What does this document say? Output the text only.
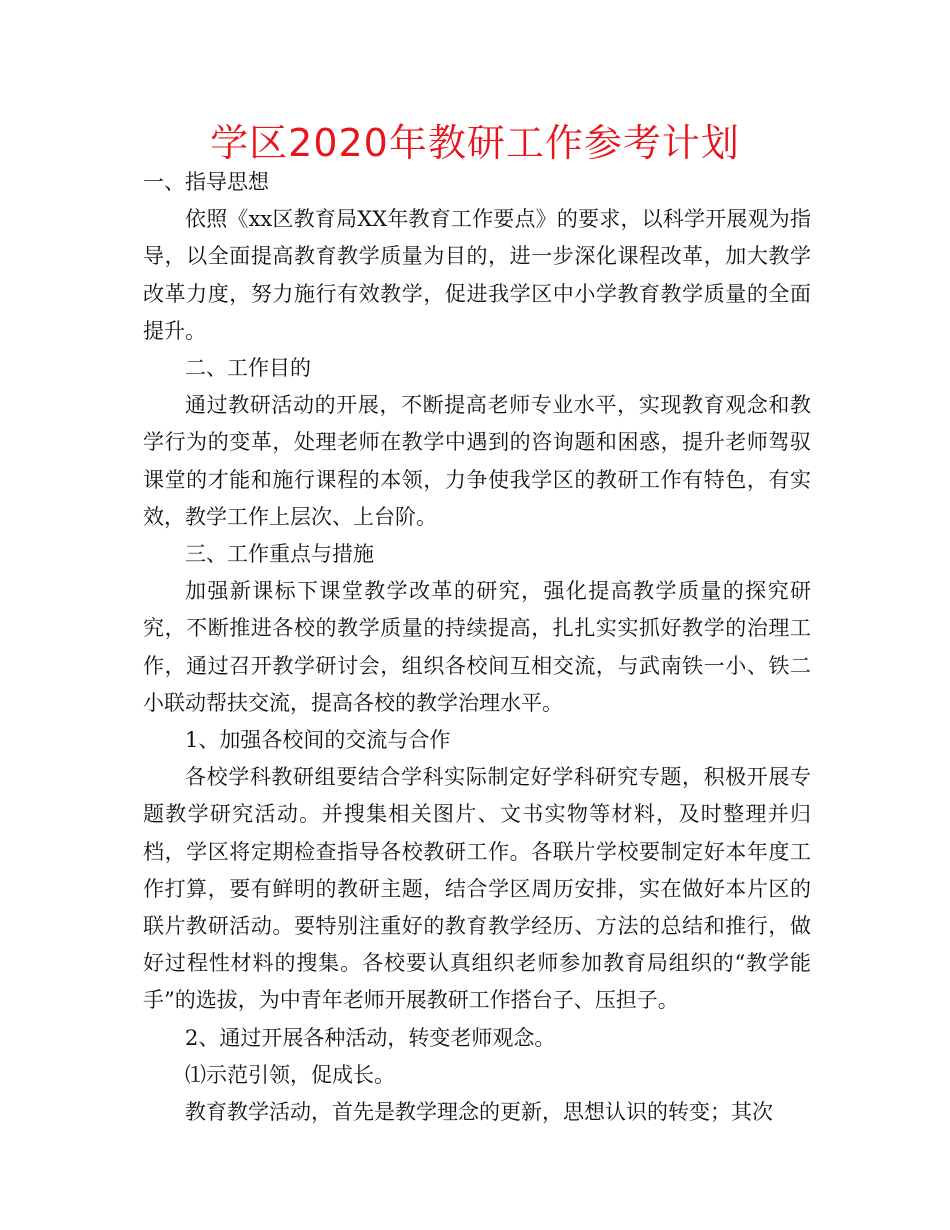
学区2020年教研工作参考计划

一、指导思想

依照《xx区教育局XX年教育工作要点》的要求，以科学开展观为指导，以全面提高教育教学质量为目的，进一步深化课程改革，加大教学改革力度，努力施行有效教学，促进我学区中小学教育教学质量的全面提升。

二、工作目的

通过教研活动的开展，不断提高老师专业水平，实现教育观念和教学行为的变革，处理老师在教学中遇到的咨询题和困惑，提升老师驾驭课堂的才能和施行课程的本领，力争使我学区的教研工作有特色，有实效，教学工作上层次、上台阶。

三、工作重点与措施

加强新课标下课堂教学改革的研究，强化提高教学质量的探究研究，不断推进各校的教学质量的持续提高，扎扎实实抓好教学的治理工作，通过召开教学研讨会，组织各校间互相交流，与武南铁一小、铁二小联动帮扶交流，提高各校的教学治理水平。

1、加强各校间的交流与合作

各校学科教研组要结合学科实际制定好学科研究专题，积极开展专题教学研究活动。并搜集相关图片、文书实物等材料，及时整理并归档，学区将定期检查指导各校教研工作。各联片学校要制定好本年度工作打算，要有鲜明的教研主题，结合学区周历安排，实在做好本片区的联片教研活动。要特别注重好的教育教学经历、方法的总结和推行，做好过程性材料的搜集。各校要认真组织老师参加教育局组织的“教学能手”的选拔，为中青年老师开展教研工作搭台子、压担子。

2、通过开展各种活动，转变老师观念。

⑴示范引领，促成长。

教育教学活动，首先是教学理念的更新，思想认识的转变；其次
